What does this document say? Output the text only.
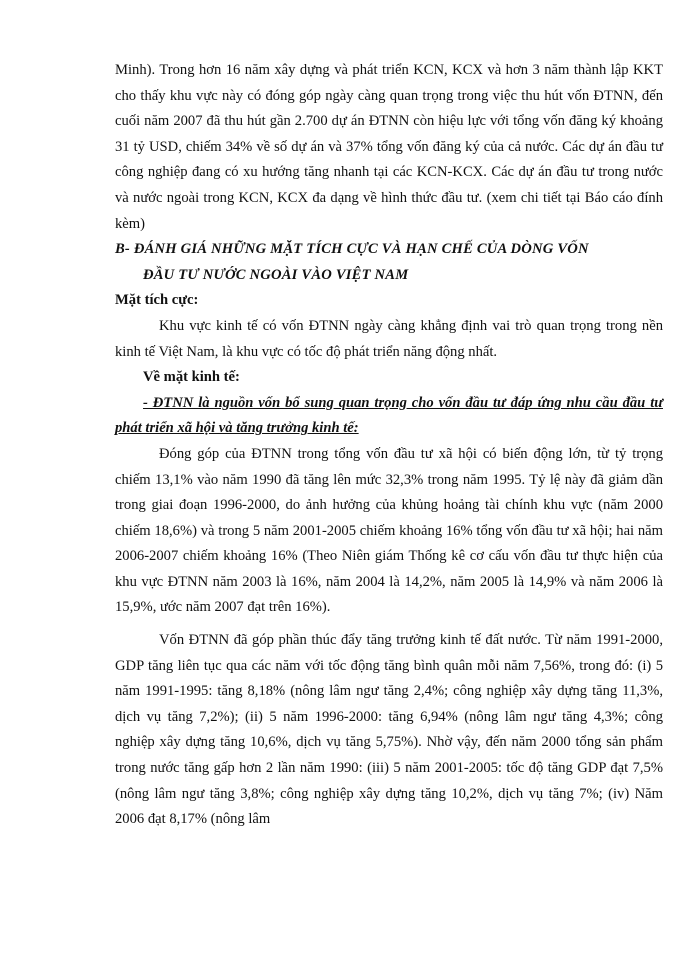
Minh). Trong hơn 16 năm xây dựng và phát triển KCN, KCX và hơn 3 năm thành lập KKT cho thấy khu vực này có đóng góp ngày càng quan trọng trong việc thu hút vốn ĐTNN, đến cuối năm 2007 đã thu hút gần 2.700 dự án ĐTNN còn hiệu lực với tổng vốn đăng ký khoảng 31 tỷ USD, chiếm 34% về số dự án và 37% tổng vốn đăng ký của cả nước. Các dự án đầu tư công nghiệp đang có xu hướng tăng nhanh tại các KCN-KCX. Các dự án đầu tư trong nước và nước ngoài trong KCN, KCX đa dạng về hình thức đầu tư. (xem chi tiết tại Báo cáo đính kèm)

B- ĐÁNH GIÁ NHỮNG MẶT TÍCH CỰC VÀ HẠN CHẾ CỦA DÒNG VỐN
ĐẦU TƯ NƯỚC NGOÀI VÀO VIỆT NAM

Mặt tích cực:

Khu vực kinh tế có vốn ĐTNN ngày càng khẳng định vai trò quan trọng trong nền kinh tế Việt Nam, là khu vực có tốc độ phát triển năng động nhất.

Về mặt kinh tế:

- ĐTNN là nguồn vốn bổ sung quan trọng cho vốn đầu tư đáp ứng nhu cầu đầu tư phát triển xã hội và tăng trưởng kinh tế:

Đóng góp của ĐTNN trong tổng vốn đầu tư xã hội có biến động lớn, từ tỷ trọng chiếm 13,1% vào năm 1990 đã tăng lên mức 32,3% trong năm 1995. Tỷ lệ này đã giảm dần trong giai đoạn 1996-2000, do ảnh hưởng của khủng hoảng tài chính khu vực (năm 2000 chiếm 18,6%) và trong 5 năm 2001-2005 chiếm khoảng 16% tổng vốn đầu tư xã hội; hai năm 2006-2007 chiếm khoảng 16% (Theo Niên giám Thống kê cơ cấu vốn đầu tư thực hiện của khu vực ĐTNN năm 2003 là 16%, năm 2004 là 14,2%, năm 2005 là 14,9% và năm 2006 là 15,9%, ước năm 2007 đạt trên 16%).

Vốn ĐTNN đã góp phần thúc đẩy tăng trưởng kinh tế đất nước. Từ năm 1991-2000, GDP tăng liên tục qua các năm với tốc động tăng bình quân mỗi năm 7,56%, trong đó: (i) 5 năm 1991-1995: tăng 8,18% (nông lâm ngư tăng 2,4%; công nghiệp xây dựng tăng 11,3%, dịch vụ tăng 7,2%); (ii) 5 năm 1996-2000: tăng 6,94% (nông lâm ngư tăng 4,3%; công nghiệp xây dựng tăng 10,6%, dịch vụ tăng 5,75%). Nhờ vậy, đến năm 2000 tổng sản phẩm trong nước tăng gấp hơn 2 lần năm 1990: (iii) 5 năm 2001-2005: tốc độ tăng GDP đạt 7,5% (nông lâm ngư tăng 3,8%; công nghiệp xây dựng tăng 10,2%, dịch vụ tăng 7%; (iv) Năm 2006 đạt 8,17% (nông lâm
